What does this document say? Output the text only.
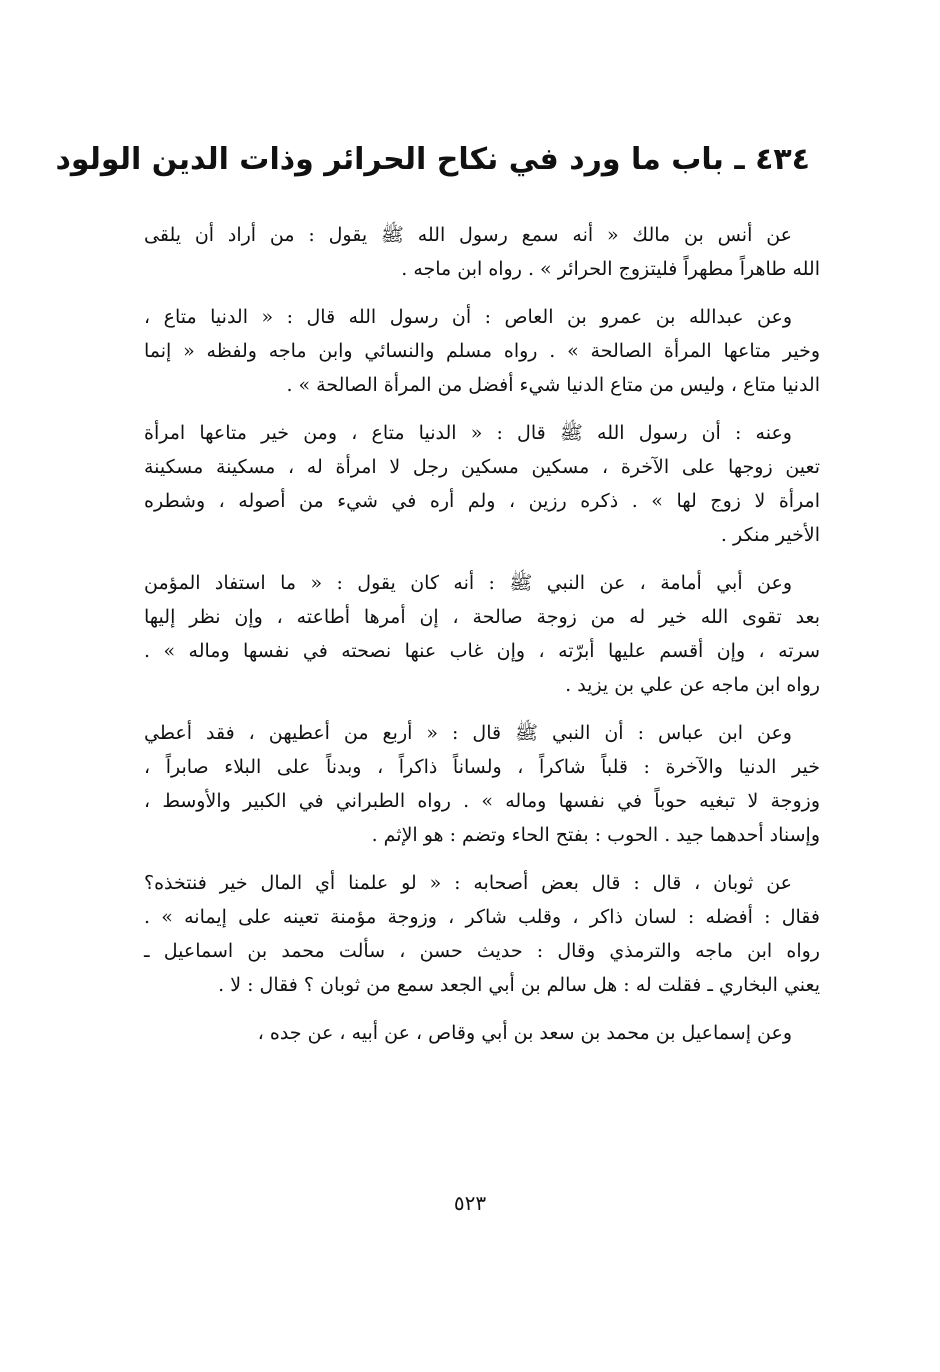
٤٣٤ ـ باب ما ورد في نكاح الحرائر وذات الدين الولود
عن أنس بن مالك « أنه سمع رسول الله ﷺ يقول : من أراد أن يلقى
الله طاهراً مطهراً فليتزوج الحرائر » . رواه ابن ماجه .
وعن عبدالله بن عمرو بن العاص : أن رسول الله قال : « الدنيا متاع ،
وخير متاعها المرأة الصالحة » . رواه مسلم والنسائي وابن ماجه ولفظه « إنما
الدنيا متاع ، وليس من متاع الدنيا شيء أفضل من المرأة الصالحة » .
وعنه : أن رسول الله ﷺ قال : « الدنيا متاع ، ومن خير متاعها امرأة
تعين زوجها على الآخرة ، مسكين مسكين رجل لا امرأة له ، مسكينة مسكينة
امرأة لا زوج لها » . ذكره رزين ، ولم أره في شيء من أصوله ، وشطره
الأخير منكر .
وعن أبي أمامة ، عن النبي ﷺ : أنه كان يقول : « ما استفاد المؤمن
بعد تقوى الله خير له من زوجة صالحة ، إن أمرها أطاعته ، وإن نظر إليها
سرته ، وإن أقسم عليها أبرّته ، وإن غاب عنها نصحته في نفسها وماله » .
رواه ابن ماجه عن علي بن يزيد .
وعن ابن عباس : أن النبي ﷺ قال : « أربع من أعطيهن ، فقد أعطي
خير الدنيا والآخرة : قلباً شاكراً ، ولساناً ذاكراً ، وبدناً على البلاء صابراً ،
وزوجة لا تبغيه حوباً في نفسها وماله » . رواه الطبراني في الكبير والأوسط ،
وإسناد أحدهما جيد . الحوب : بفتح الحاء وتضم : هو الإثم .
عن ثوبان ، قال : قال بعض أصحابه : « لو علمنا أي المال خير فنتخذه؟
فقال : أفضله : لسان ذاكر ، وقلب شاكر ، وزوجة مؤمنة تعينه على إيمانه » .
رواه ابن ماجه والترمذي وقال : حديث حسن ، سألت محمد بن اسماعيل ـ
يعني البخاري ـ فقلت له : هل سالم بن أبي الجعد سمع من ثوبان ؟ فقال : لا .
وعن إسماعيل بن محمد بن سعد بن أبي وقاص ، عن أبيه ، عن جده ،
٥٢٣
